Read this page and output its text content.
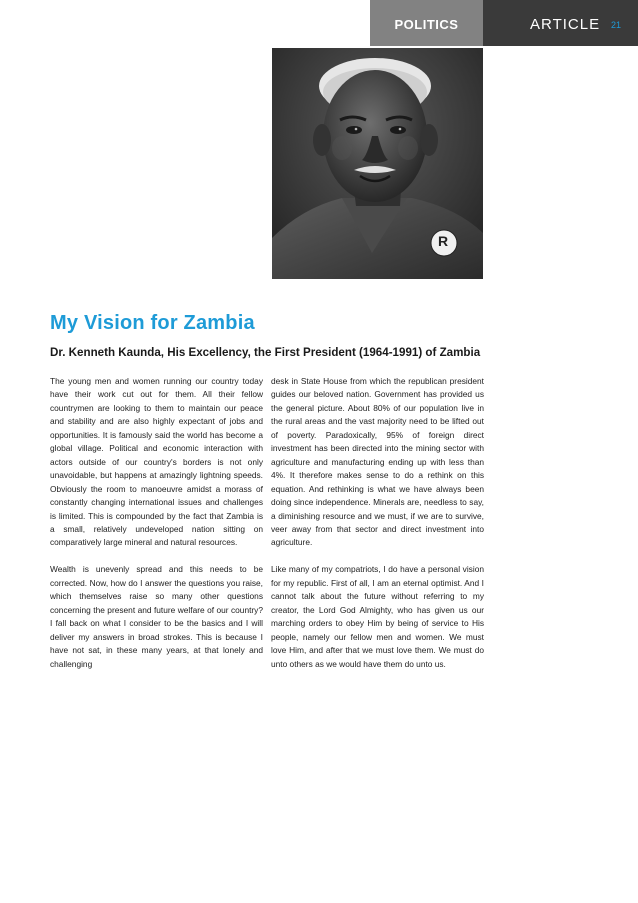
POLITICS	ARTICLE 21
R
My Vision for Zambia
Dr. Kenneth Kaunda, His Excellency, the First President (1964-1991) of Zambia

The young men and women running our country today have their work cut out for them. All their fellow countrymen are looking to them to maintain our peace and stability and are also highly expectant of jobs and opportunities. It is famously said the world has become a global village. Political and economic interaction with actors outside of our country's borders is not only unavoidable, but happens at amazingly lightning speeds. Obviously the room to manoeuvre amidst a morass of constantly changing international issues and challenges is limited. This is compounded by the fact that Zambia is a small, relatively undeveloped nation sitting on comparatively large mineral and natural resources.

Wealth is unevenly spread and this needs to be corrected. Now, how do I answer the questions you raise, which themselves raise so many other questions concerning the present and future welfare of our country? I fall back on what I consider to be the basics and I will deliver my answers in broad strokes. This is because I have not sat, in these many years, at that lonely and challenging

desk in State House from which the republican president guides our beloved nation. Government has provided us the general picture. About 80% of our population live in the rural areas and the vast majority need to be lifted out of poverty. Paradoxically, 95% of foreign direct investment has been directed into the mining sector with agriculture and manufacturing ending up with less than 4%. It therefore makes sense to do a rethink on this equation. And rethinking is what we have always been doing since independence. Minerals are, needless to say, a diminishing resource and we must, if we are to survive, veer away from that sector and direct investment into agriculture.

Like many of my compatriots, I do have a personal vision for my republic. First of all, I am an eternal optimist. And I cannot talk about the future without referring to my creator, the Lord God Almighty, who has given us our marching orders to obey Him by being of service to His people, namely our fellow men and women. We must love Him, and after that we must love them. We must do unto others as we would have them do unto us.
